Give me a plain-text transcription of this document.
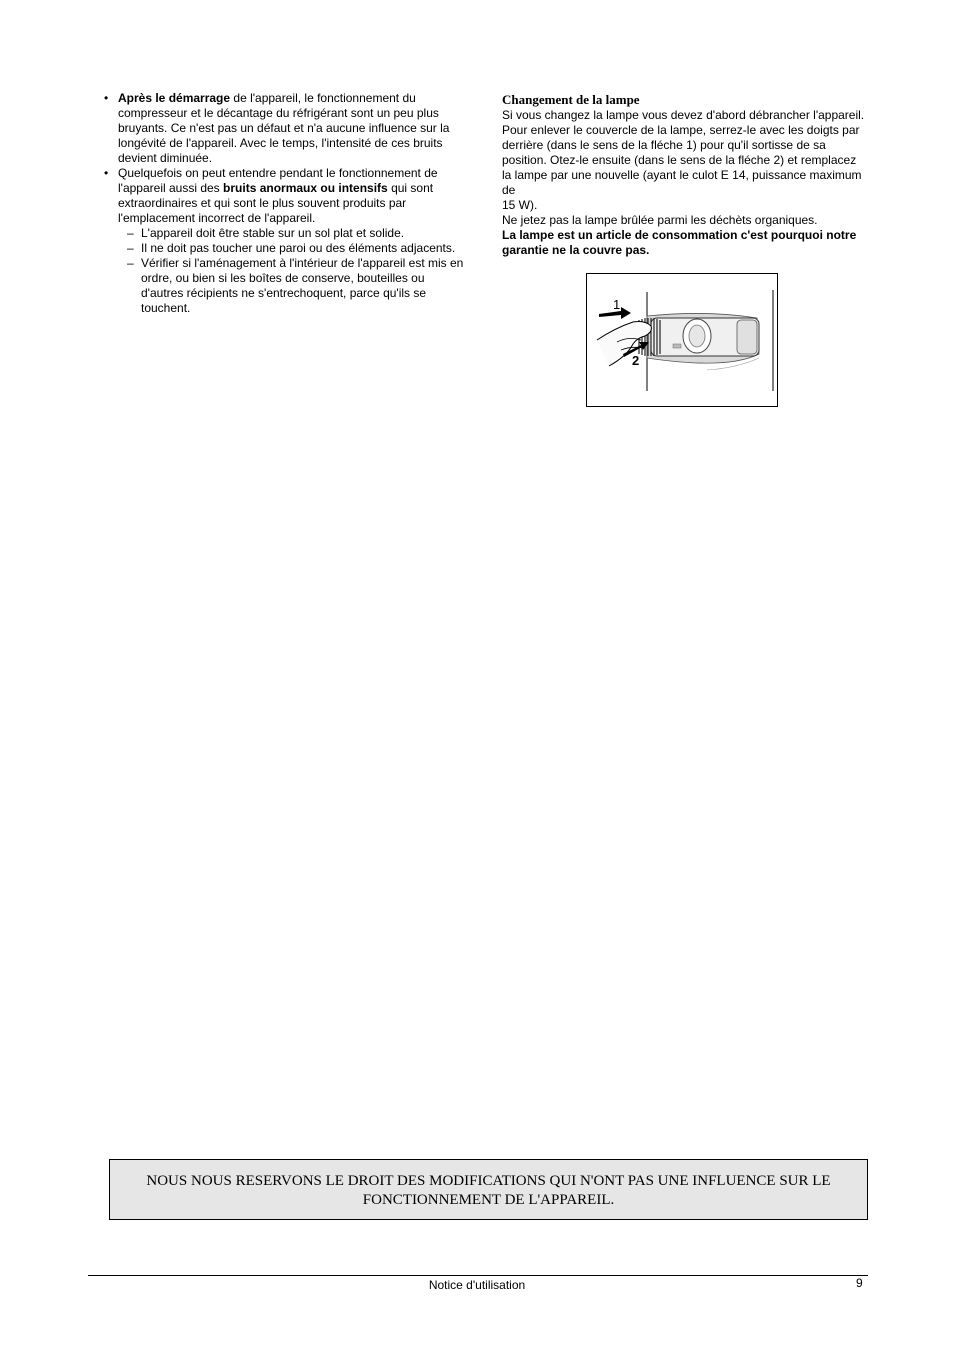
• Après le démarrage de l'appareil, le fonctionnement du compresseur et le décantage du réfrigérant sont un peu plus bruyants. Ce n'est pas un défaut et n'a aucune influence sur la longévité de l'appareil. Avec le temps, l'intensité de ces bruits devient diminuée.
• Quelquefois on peut entendre pendant le fonctionnement de l'appareil aussi des bruits anormaux ou intensifs qui sont extraordinaires et qui sont le plus souvent produits par l'emplacement incorrect de l'appareil.
– L'appareil doit être stable sur un sol plat et solide.
– Il ne doit pas toucher une paroi ou des éléments adjacents.
– Vérifier si l'aménagement à l'intérieur de l'appareil est mis en ordre, ou bien si les boîtes de conserve, bouteilles ou d'autres récipients ne s'entrechoquent, parce qu'ils se touchent.
Changement de la lampe

Si vous changez la lampe vous devez d'abord débrancher l'appareil. Pour enlever le couvercle de la lampe, serrez-le avec les doigts par derrière (dans le sens de la fléche 1) pour qu'il sortisse de sa position. Otez-le ensuite (dans le sens de la fléche 2) et remplacez la lampe par une nouvelle (ayant le culot E 14, puissance maximum de

15 W).

Ne jetez pas la lampe brûlée parmi les déchèts organiques.

La lampe est un article de consommation c'est pourquoi notre garantie ne la couvre pas.

1
2
NOUS NOUS RESERVONS LE DROIT DES MODIFICATIONS QUI N'ONT PAS UNE INFLUENCE SUR LE FONCTIONNEMENT DE L'APPAREIL.
Notice d'utilisation	9
